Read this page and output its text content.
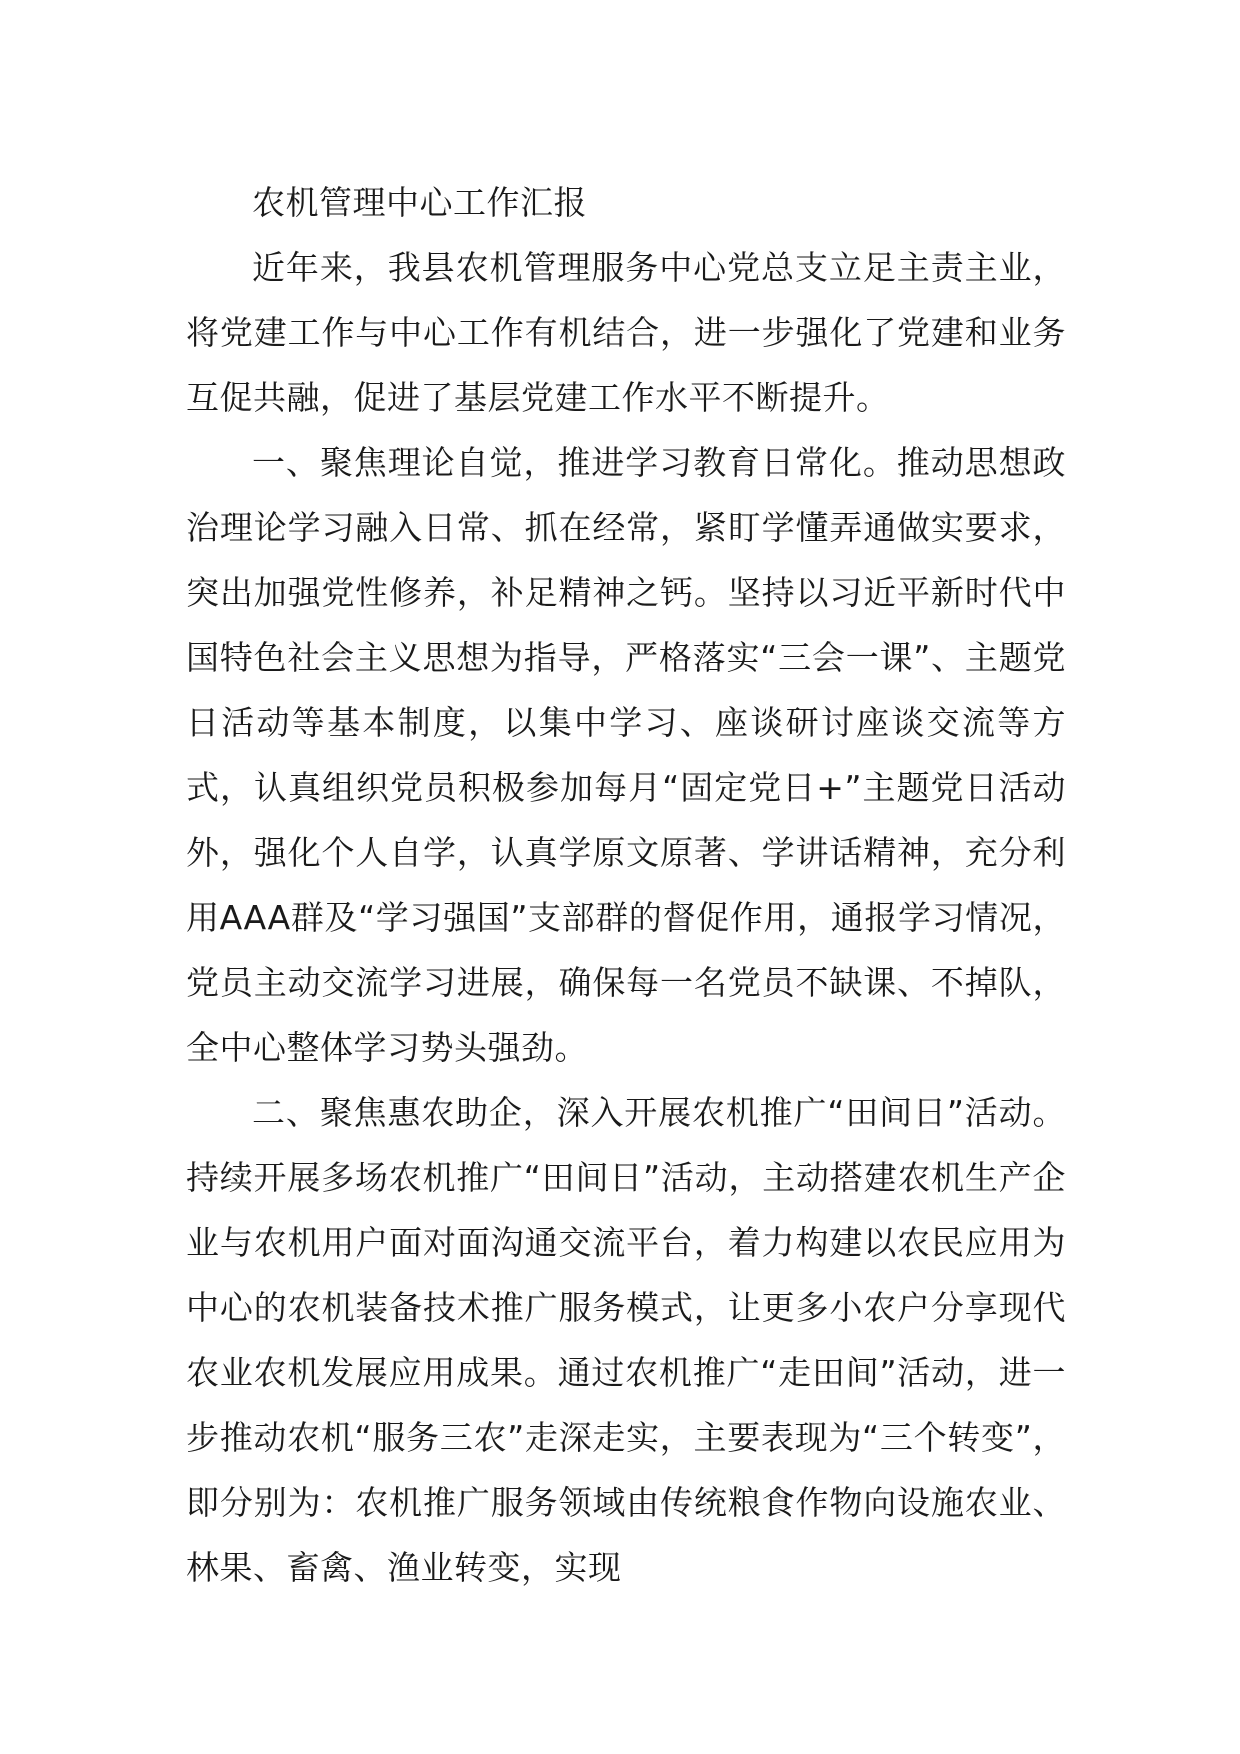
农机管理中心工作汇报

近年来，我县农机管理服务中心党总支立足主责主业，将党建工作与中心工作有机结合，进一步强化了党建和业务互促共融，促进了基层党建工作水平不断提升。

一、聚焦理论自觉，推进学习教育日常化。推动思想政治理论学习融入日常、抓在经常，紧盯学懂弄通做实要求，突出加强党性修养，补足精神之钙。坚持以习近平新时代中国特色社会主义思想为指导，严格落实“三会一课”、主题党日活动等基本制度，以集中学习、座谈研讨座谈交流等方式，认真组织党员积极参加每月“固定党日+”主题党日活动外，强化个人自学，认真学原文原著、学讲话精神，充分利用AAA群及“学习强国”支部群的督促作用，通报学习情况，党员主动交流学习进展，确保每一名党员不缺课、不掉队，全中心整体学习势头强劲。

二、聚焦惠农助企，深入开展农机推广“田间日”活动。持续开展多场农机推广“田间日”活动，主动搭建农机生产企业与农机用户面对面沟通交流平台，着力构建以农民应用为中心的农机装备技术推广服务模式，让更多小农户分享现代农业农机发展应用成果。通过农机推广“走田间”活动，进一步推动农机“服务三农”走深走实，主要表现为“三个转变”，即分别为：农机推广服务领域由传统粮食作物向设施农业、林果、畜禽、渔业转变，实现
